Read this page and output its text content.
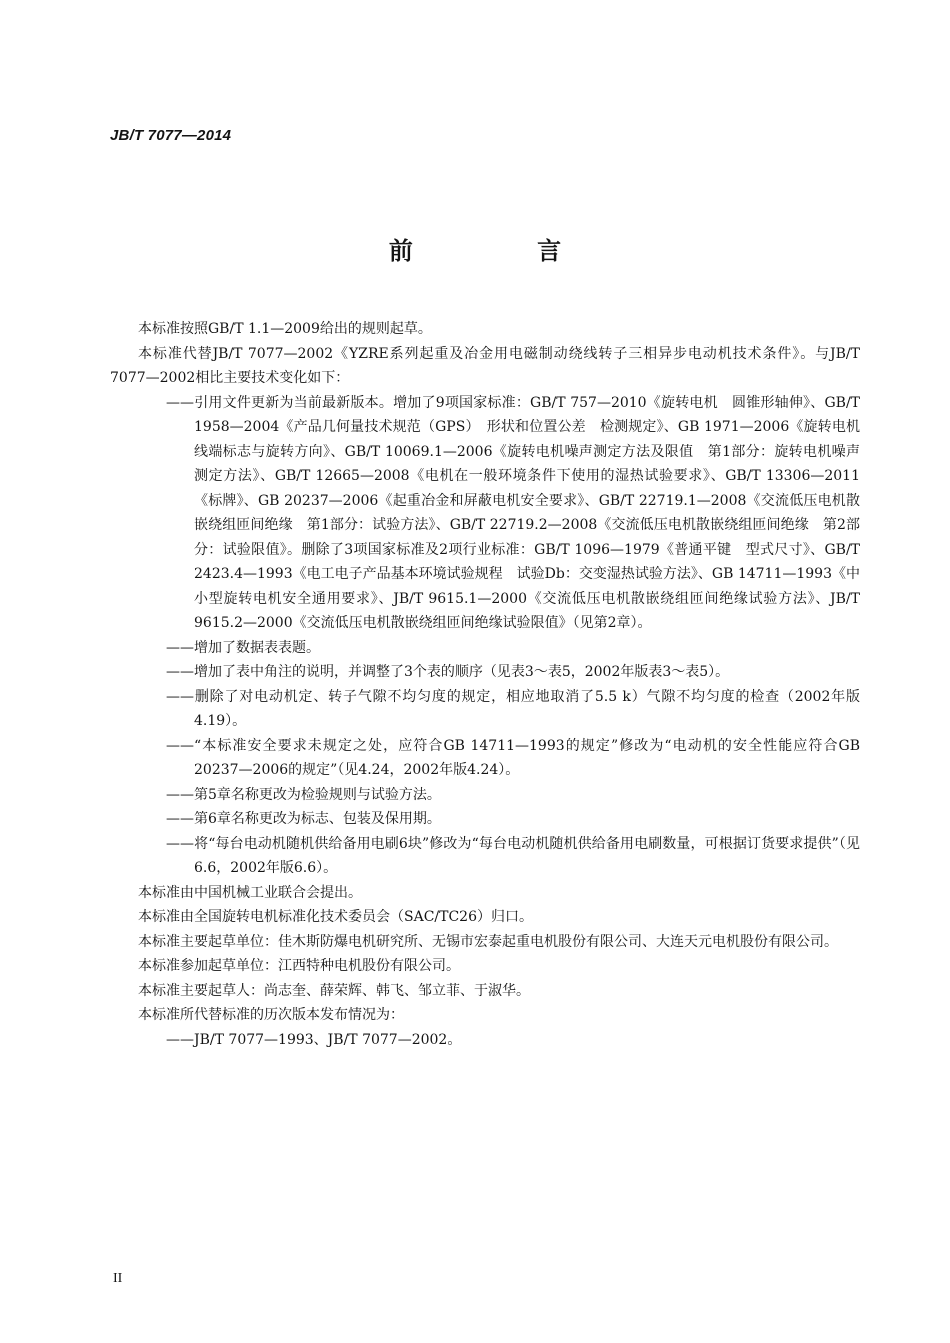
JB/T 7077—2014
前 言

本标准按照GB/T 1.1—2009给出的规则起草。

本标准代替JB/T 7077—2002《YZRE系列起重及冶金用电磁制动绕线转子三相异步电动机技术条件》。与JB/T 7077—2002相比主要技术变化如下：

——引用文件更新为当前最新版本。增加了9项国家标准：GB/T 757—2010《旋转电机　圆锥形轴伸》、GB/T 1958—2004《产品几何量技术规范（GPS）　形状和位置公差　检测规定》、GB 1971—2006《旋转电机　线端标志与旋转方向》、GB/T 10069.1—2006《旋转电机噪声测定方法及限值　第1部分：旋转电机噪声测定方法》、GB/T 12665—2008《电机在一般环境条件下使用的湿热试验要求》、GB/T 13306—2011《标牌》、GB 20237—2006《起重冶金和屏蔽电机安全要求》、GB/T 22719.1—2008《交流低压电机散嵌绕组匝间绝缘　第1部分：试验方法》、GB/T 22719.2—2008《交流低压电机散嵌绕组匝间绝缘　第2部分：试验限值》。删除了3项国家标准及2项行业标准：GB/T 1096—1979《普通平键　型式尺寸》、GB/T 2423.4—1993《电工电子产品基本环境试验规程　试验Db：交变湿热试验方法》、GB 14711—1993《中小型旋转电机安全通用要求》、JB/T 9615.1—2000《交流低压电机散嵌绕组匝间绝缘试验方法》、JB/T 9615.2—2000《交流低压电机散嵌绕组匝间绝缘试验限值》（见第2章）。

——增加了数据表表题。

——增加了表中角注的说明，并调整了3个表的顺序（见表3～表5，2002年版表3～表5）。

——删除了对电动机定、转子气隙不均匀度的规定，相应地取消了5.5 k）气隙不均匀度的检查（2002年版4.19）。

——“本标准安全要求未规定之处，应符合GB 14711—1993的规定”修改为“电动机的安全性能应符合GB 20237—2006的规定”（见4.24，2002年版4.24）。

——第5章名称更改为检验规则与试验方法。

——第6章名称更改为标志、包装及保用期。

——将“每台电动机随机供给备用电刷6块”修改为“每台电动机随机供给备用电刷数量，可根据订货要求提供”（见6.6，2002年版6.6）。

本标准由中国机械工业联合会提出。

本标准由全国旋转电机标准化技术委员会（SAC/TC26）归口。

本标准主要起草单位：佳木斯防爆电机研究所、无锡市宏泰起重电机股份有限公司、大连天元电机股份有限公司。

本标准参加起草单位：江西特种电机股份有限公司。

本标准主要起草人：尚志奎、薛荣辉、韩飞、邹立菲、于淑华。

本标准所代替标准的历次版本发布情况为：

——JB/T 7077—1993、JB/T 7077—2002。

II
